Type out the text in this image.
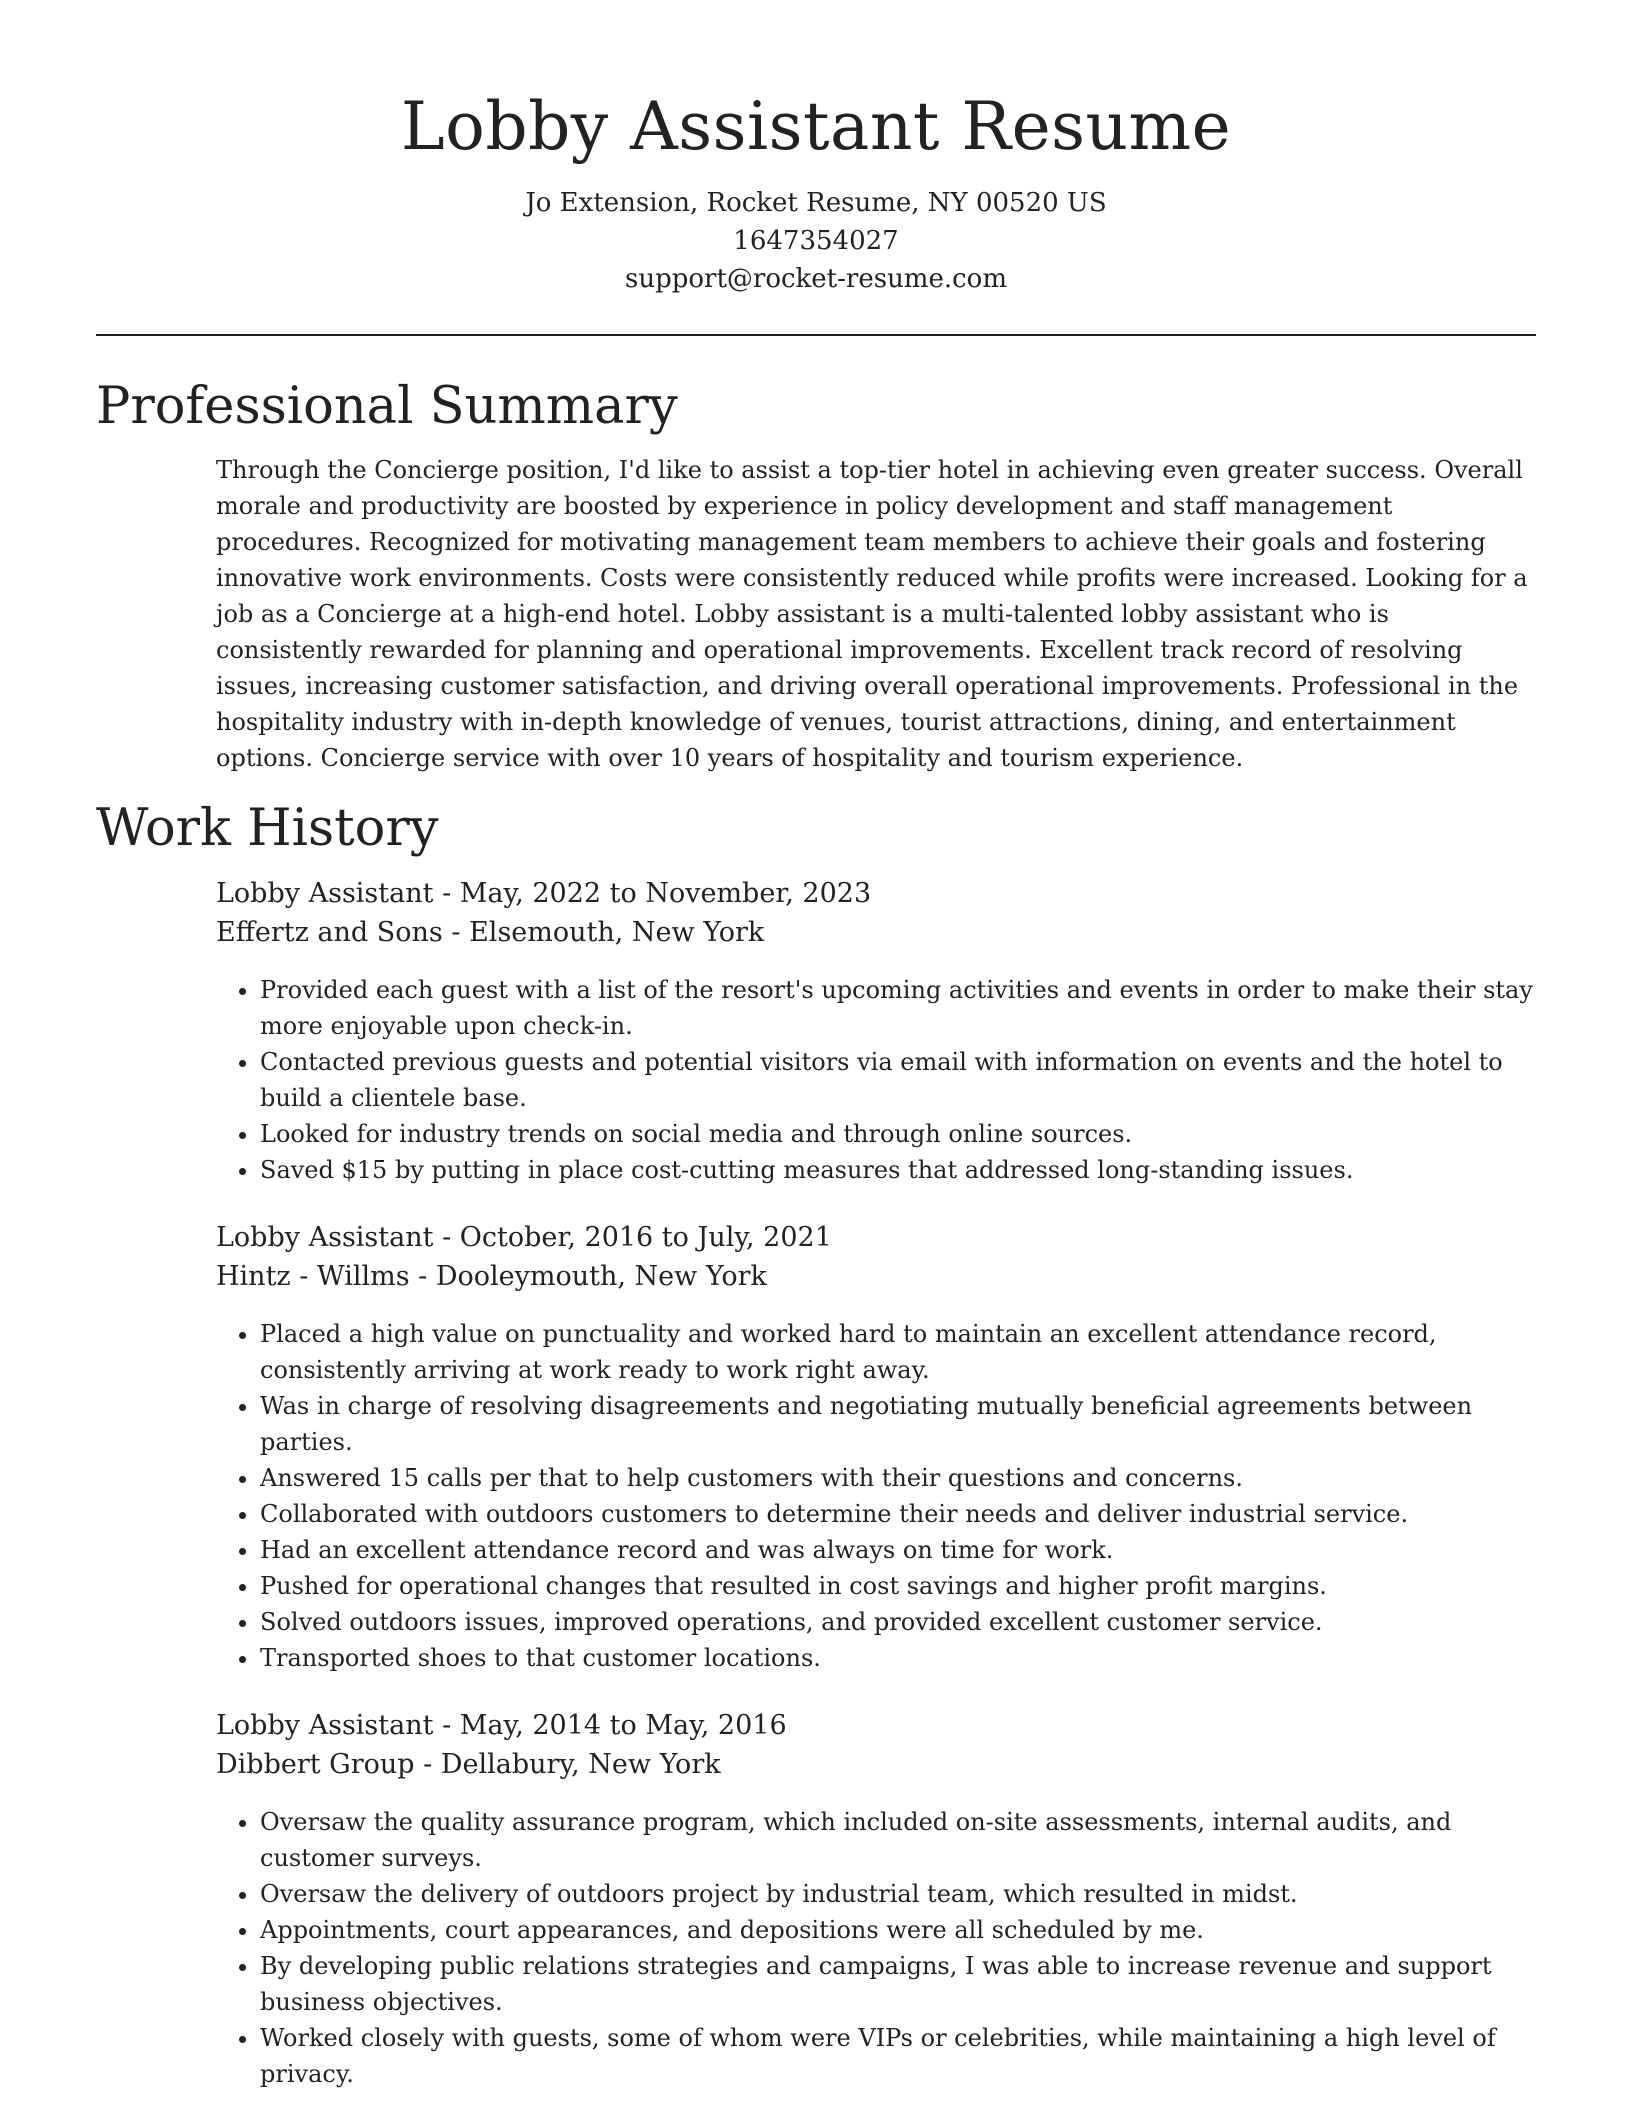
Lobby Assistant Resume
Jo Extension, Rocket Resume, NY 00520 US
1647354027
support@rocket-resume.com
Professional Summary

Through the Concierge position, I'd like to assist a top-tier hotel in achieving even greater success. Overall morale and productivity are boosted by experience in policy development and staff management procedures. Recognized for motivating management team members to achieve their goals and fostering innovative work environments. Costs were consistently reduced while profits were increased. Looking for a job as a Concierge at a high-end hotel. Lobby assistant is a multi-talented lobby assistant who is consistently rewarded for planning and operational improvements. Excellent track record of resolving issues, increasing customer satisfaction, and driving overall operational improvements. Professional in the hospitality industry with in-depth knowledge of venues, tourist attractions, dining, and entertainment options. Concierge service with over 10 years of hospitality and tourism experience.

Work History
Lobby Assistant - May, 2022 to November, 2023
Effertz and Sons - Elsemouth, New York
• Provided each guest with a list of the resort's upcoming activities and events in order to make their stay more enjoyable upon check-in.
• Contacted previous guests and potential visitors via email with information on events and the hotel to build a clientele base.
• Looked for industry trends on social media and through online sources.
• Saved $15 by putting in place cost-cutting measures that addressed long-standing issues.
Lobby Assistant - October, 2016 to July, 2021
Hintz - Willms - Dooleymouth, New York
• Placed a high value on punctuality and worked hard to maintain an excellent attendance record, consistently arriving at work ready to work right away.
• Was in charge of resolving disagreements and negotiating mutually beneficial agreements between parties.
• Answered 15 calls per that to help customers with their questions and concerns.
• Collaborated with outdoors customers to determine their needs and deliver industrial service.
• Had an excellent attendance record and was always on time for work.
• Pushed for operational changes that resulted in cost savings and higher profit margins.
• Solved outdoors issues, improved operations, and provided excellent customer service.
• Transported shoes to that customer locations.
Lobby Assistant - May, 2014 to May, 2016
Dibbert Group - Dellabury, New York
• Oversaw the quality assurance program, which included on-site assessments, internal audits, and customer surveys.
• Oversaw the delivery of outdoors project by industrial team, which resulted in midst.
• Appointments, court appearances, and depositions were all scheduled by me.
• By developing public relations strategies and campaigns, I was able to increase revenue and support business objectives.
• Worked closely with guests, some of whom were VIPs or celebrities, while maintaining a high level of privacy.
